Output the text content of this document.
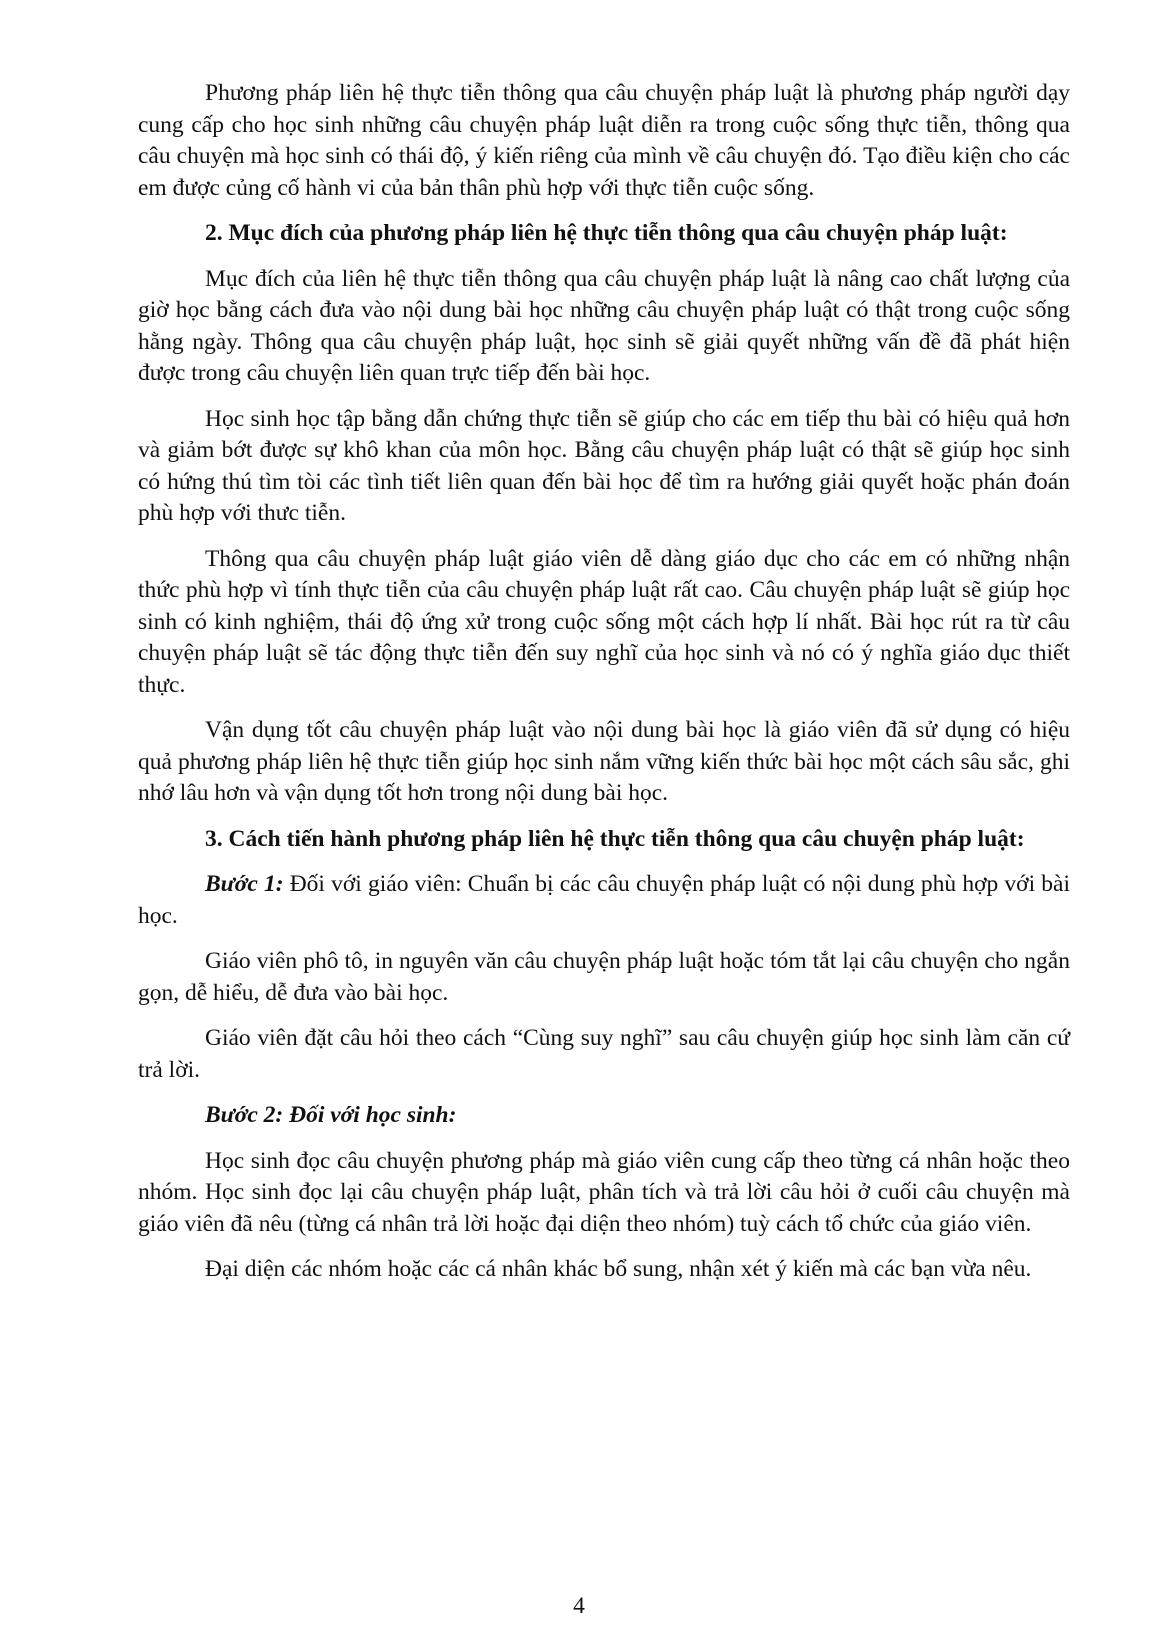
Phương pháp liên hệ thực tiễn thông qua câu chuyện pháp luật là phương pháp người dạy cung cấp cho học sinh những câu chuyện pháp luật diễn ra trong cuộc sống thực tiễn, thông qua câu chuyện mà học sinh có thái độ, ý kiến riêng của mình về câu chuyện đó. Tạo điều kiện cho các em được củng cố hành vi của bản thân phù hợp với thực tiễn cuộc sống.

2. Mục đích của phương pháp liên hệ thực tiễn thông qua câu chuyện pháp luật:

Mục đích của liên hệ thực tiễn thông qua câu chuyện pháp luật là nâng cao chất lượng của giờ học bằng cách đưa vào nội dung bài học những câu chuyện pháp luật có thật trong cuộc sống hằng ngày. Thông qua câu chuyện pháp luật, học sinh sẽ giải quyết những vấn đề đã phát hiện được trong câu chuyện liên quan trực tiếp đến bài học.

Học sinh học tập bằng dẫn chứng thực tiễn sẽ giúp cho các em tiếp thu bài có hiệu quả hơn và giảm bớt được sự khô khan của môn học. Bằng câu chuyện pháp luật có thật sẽ giúp học sinh có hứng thú tìm tòi các tình tiết liên quan đến bài học để tìm ra hướng giải quyết hoặc phán đoán phù hợp với thưc tiễn.

Thông qua câu chuyện pháp luật giáo viên dễ dàng giáo dục cho các em có những nhận thức phù hợp vì tính thực tiễn của câu chuyện pháp luật rất cao. Câu chuyện pháp luật sẽ giúp học sinh có kinh nghiệm, thái độ ứng xử trong cuộc sống một cách hợp lí nhất. Bài học rút ra từ câu chuyện pháp luật sẽ tác động thực tiễn đến suy nghĩ của học sinh và nó có ý nghĩa giáo dục thiết thực.

Vận dụng tốt câu chuyện pháp luật vào nội dung bài học là giáo viên đã sử dụng có hiệu quả phương pháp liên hệ thực tiễn giúp học sinh nắm vững kiến thức bài học một cách sâu sắc, ghi nhớ lâu hơn và vận dụng tốt hơn trong nội dung bài học.

3. Cách tiến hành phương pháp liên hệ thực tiễn thông qua câu chuyện pháp luật:

Bước 1: Đối với giáo viên: Chuẩn bị các câu chuyện pháp luật có nội dung phù hợp với bài học.

Giáo viên phô tô, in nguyên văn câu chuyện pháp luật hoặc tóm tắt lại câu chuyện cho ngắn gọn, dễ hiểu, dễ đưa vào bài học.

Giáo viên đặt câu hỏi theo cách “Cùng suy nghĩ” sau câu chuyện giúp học sinh làm căn cứ trả lời.

Bước 2: Đối với học sinh:

Học sinh đọc câu chuyện phương pháp mà giáo viên cung cấp theo từng cá nhân hoặc theo nhóm. Học sinh đọc lại câu chuyện pháp luật, phân tích và trả lời câu hỏi ở cuối câu chuyện mà giáo viên đã nêu (từng cá nhân trả lời hoặc đại diện theo nhóm) tuỳ cách tổ chức của giáo viên.

Đại diện các nhóm hoặc các cá nhân khác bổ sung, nhận xét ý kiến mà các bạn vừa nêu.

4
